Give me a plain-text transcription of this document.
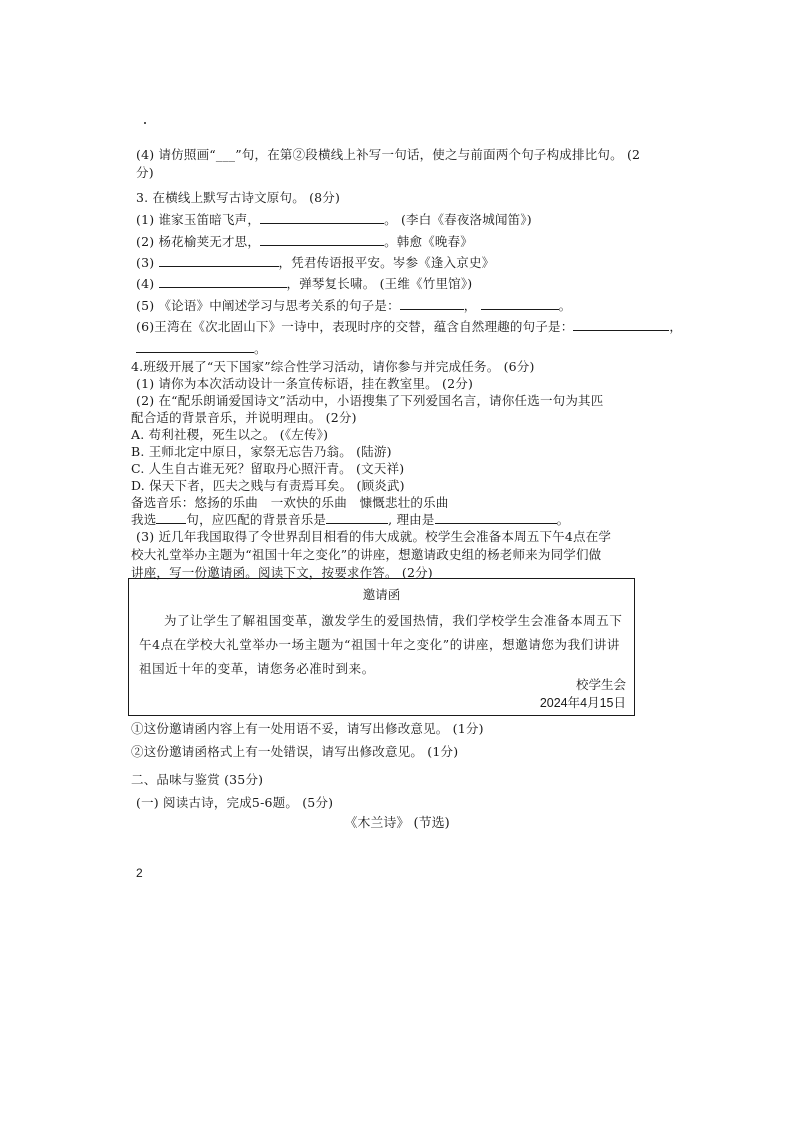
(4) 请仿照画“___”句，在第②段横线上补写一句话，使之与前面两个句子构成排比句。 (2
分)
3. 在横线上默写古诗文原句。 (8分)
(1) 谁家玉笛暗飞声，	。 (李白《春夜洛城闻笛》)
(2) 杨花榆荚无才思，	。韩愈《晚春》
(3)	，凭君传语报平安。岑参《逢入京史》
(4)	，弹琴复长啸。 (王维《竹里馆》)
(5) 《论语》中阐述学习与思考关系的句子是：	，	。
(6)王湾在《次北固山下》一诗中，表现时序的交替，蕴含自然理趣的句子是：	，
。
4.班级开展了“天下国家”综合性学习活动，请你参与并完成任务。 (6分)
(1) 请你为本次活动设计一条宣传标语，挂在教室里。 (2分)
(2) 在“配乐朗诵爱国诗文”活动中，小语搜集了下列爱国名言，请你任选一句为其匹
配合适的背景音乐，并说明理由。 (2分)
A. 苟利社稷，死生以之。 (《左传》)
B. 王师北定中原日，家祭无忘告乃翁。 (陆游)
C. 人生自古谁无死？留取丹心照汗青。 (文天祥)
D. 保天下者，匹夫之贱与有责焉耳矣。 (顾炎武)
备选音乐：悠扬的乐曲　一欢快的乐曲　慷慨悲壮的乐曲
我选 句，应匹配的背景音乐是	, 理由是	。
(3) 近几年我国取得了令世界刮目相看的伟大成就。校学生会准备本周五下午4点在学
校大礼堂举办主题为“祖国十年之变化”的讲座，想邀请政史组的杨老师来为同学们做
讲座，写一份邀请函。阅读下文，按要求作答。 (2分)
邀请函
为了让学生了解祖国变革，激发学生的爱国热情，我们学校学生会准备本周五下午4点在学校大礼堂举办一场主题为“祖国十年之变化”的讲座，想邀请您为我们讲讲祖国近十年的变革，请您务必准时到来。
校学生会
2024年4月15日
①这份邀请函内容上有一处用语不妥，请写出修改意见。 (1分)
②这份邀请函格式上有一处错误，请写出修改意见。 (1分)
二、品味与鉴赏 (35分)
(一) 阅读古诗，完成5-6题。 (5分)
《木兰诗》 (节选)
2
